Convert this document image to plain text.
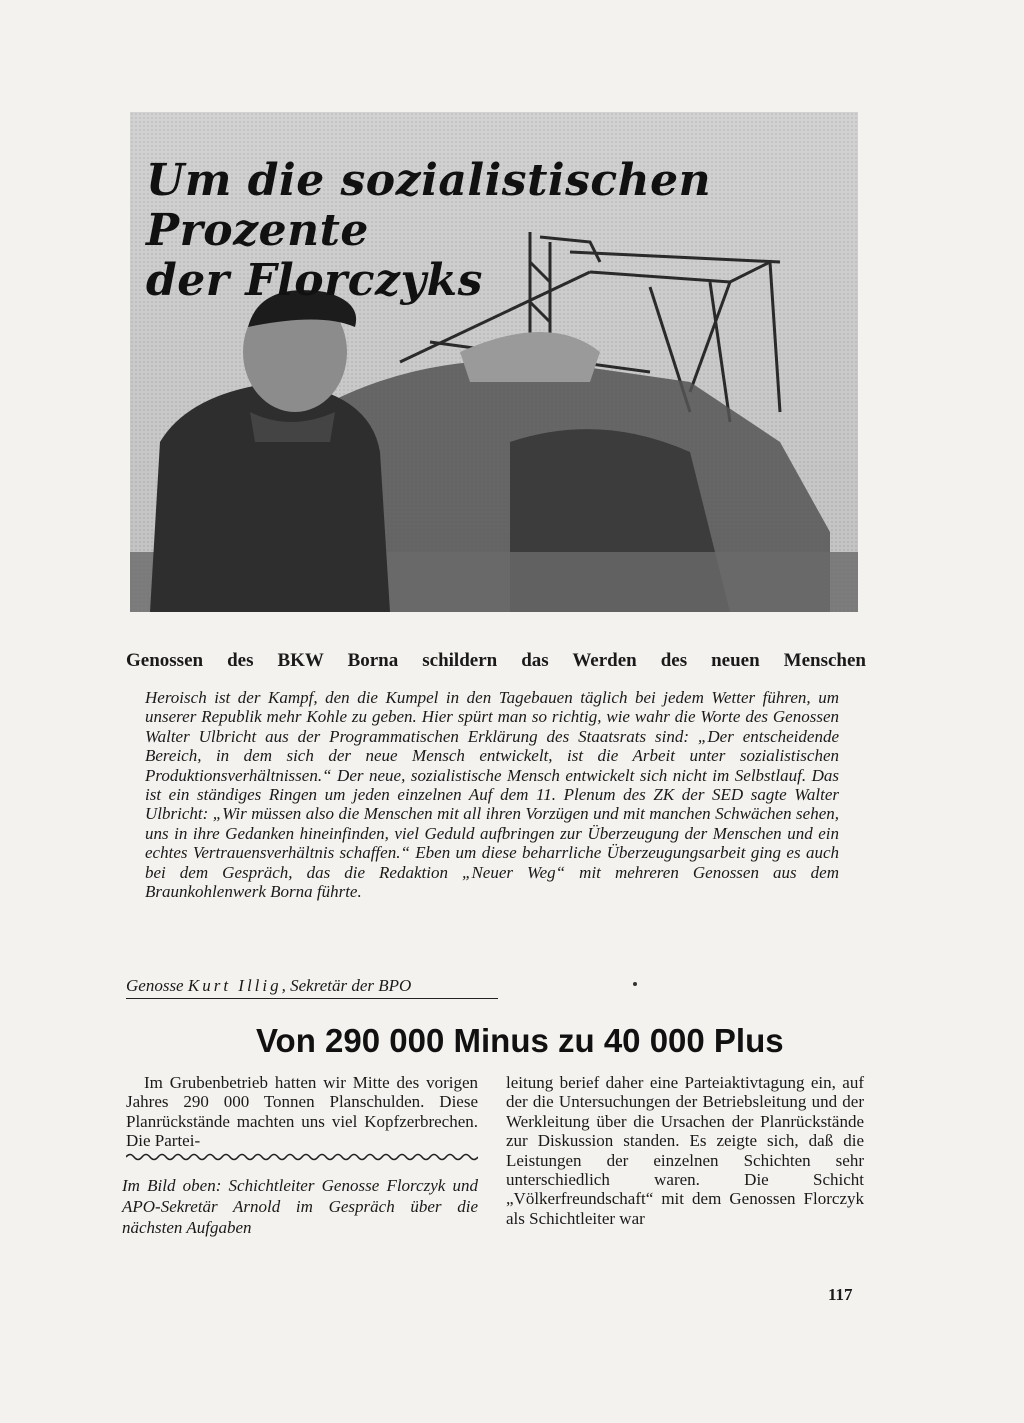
Um die sozialistischen Prozente
der Florczyks
Genossen des BKW Borna schildern das Werden des neuen Menschen

Heroisch ist der Kampf, den die Kumpel in den Tagebauen täglich bei jedem Wetter führen, um unserer Republik mehr Kohle zu geben. Hier spürt man so richtig, wie wahr die Worte des Genossen Walter Ulbricht aus der Programmatischen Erklärung des Staatsrats sind: „Der entscheidende Bereich, in dem sich der neue Mensch entwickelt, ist die Arbeit unter sozialistischen Produktionsverhältnissen.“ Der neue, sozialistische Mensch entwickelt sich nicht im Selbstlauf. Das ist ein ständiges Ringen um jeden einzelnen Auf dem 11. Plenum des ZK der SED sagte Walter Ulbricht: „Wir müssen also die Menschen mit all ihren Vorzügen und mit manchen Schwächen sehen, uns in ihre Gedanken hineinfinden, viel Geduld aufbringen zur Überzeugung der Menschen und ein echtes Vertrauensverhältnis schaffen.“ Eben um diese beharrliche Überzeugungsarbeit ging es auch bei dem Gespräch, das die Redaktion „Neuer Weg“ mit mehreren Genossen aus dem Braunkohlenwerk Borna führte.

Genosse Kurt Illig, Sekretär der BPO

Von 290 000 Minus zu 40 000 Plus

Im Grubenbetrieb hatten wir Mitte des vorigen Jahres 290 000 Tonnen Planschulden. Diese Planrückstände machten uns viel Kopfzerbrechen. Die Partei-

Im Bild oben: Schichtleiter Genosse Florczyk und APO-Sekretär Arnold im Gespräch über die nächsten Aufgaben

leitung berief daher eine Parteiaktivtagung ein, auf der die Untersuchungen der Betriebsleitung und der Werkleitung über die Ursachen der Planrückstände zur Diskussion standen. Es zeigte sich, daß die Leistungen der einzelnen Schichten sehr unterschiedlich waren. Die Schicht „Völkerfreundschaft“ mit dem Genossen Florczyk als Schichtleiter war

117
